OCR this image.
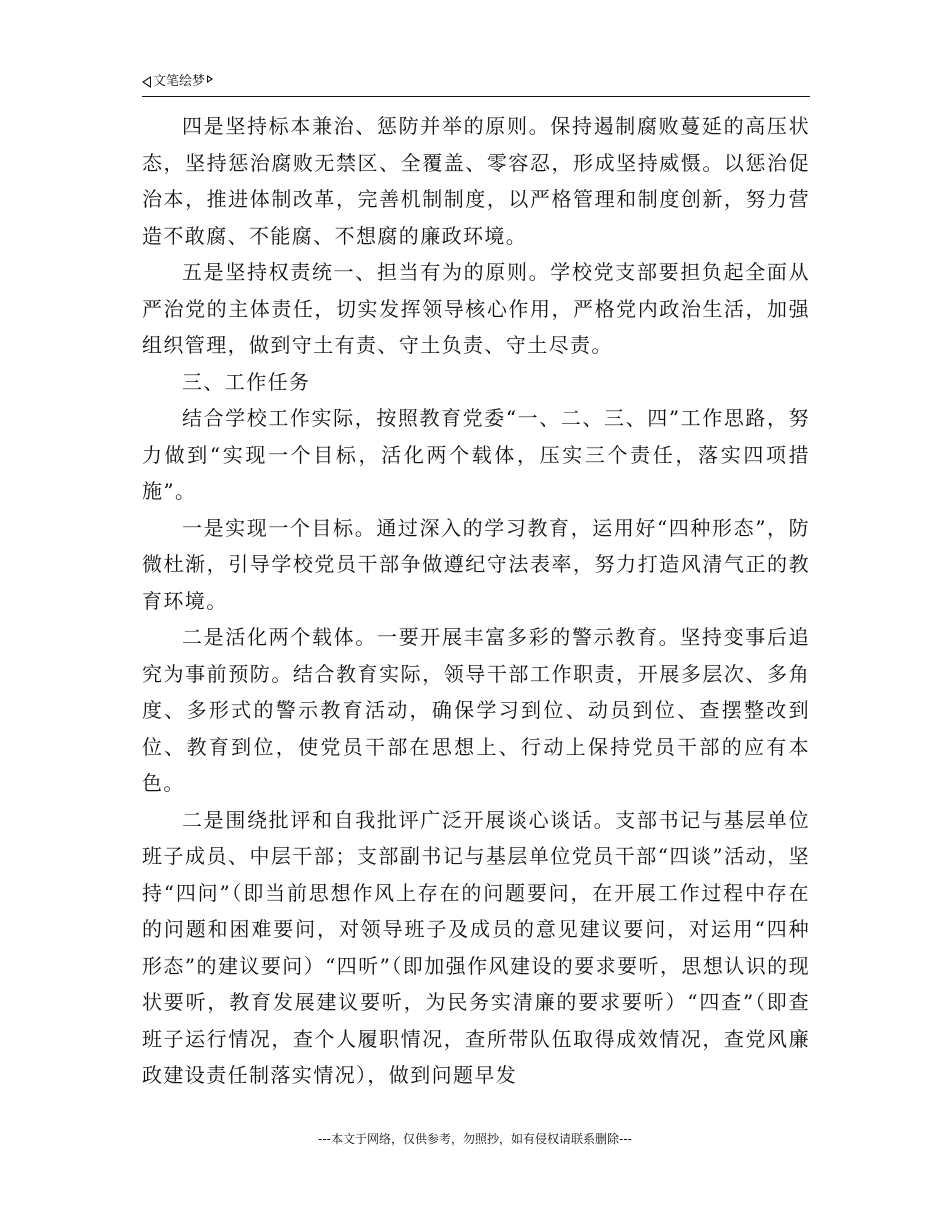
文笔绘梦

四是坚持标本兼治、惩防并举的原则。保持遏制腐败蔓延的高压状态，坚持惩治腐败无禁区、全覆盖、零容忍，形成坚持威慑。以惩治促治本，推进体制改革，完善机制制度，以严格管理和制度创新，努力营造不敢腐、不能腐、不想腐的廉政环境。

五是坚持权责统一、担当有为的原则。学校党支部要担负起全面从严治党的主体责任，切实发挥领导核心作用，严格党内政治生活，加强组织管理，做到守土有责、守土负责、守土尽责。

三、工作任务

结合学校工作实际，按照教育党委“一、二、三、四”工作思路，努力做到“实现一个目标，活化两个载体，压实三个责任，落实四项措施”。

一是实现一个目标。通过深入的学习教育，运用好“四种形态”，防微杜渐，引导学校党员干部争做遵纪守法表率，努力打造风清气正的教育环境。

二是活化两个载体。一要开展丰富多彩的警示教育。坚持变事后追究为事前预防。结合教育实际，领导干部工作职责，开展多层次、多角度、多形式的警示教育活动，确保学习到位、动员到位、查摆整改到位、教育到位，使党员干部在思想上、行动上保持党员干部的应有本色。

二是围绕批评和自我批评广泛开展谈心谈话。支部书记与基层单位班子成员、中层干部；支部副书记与基层单位党员干部“四谈”活动，坚持“四问”（即当前思想作风上存在的问题要问，在开展工作过程中存在的问题和困难要问，对领导班子及成员的意见建议要问，对运用“四种形态”的建议要问）“四听”（即加强作风建设的要求要听，思想认识的现状要听，教育发展建议要听，为民务实清廉的要求要听）“四查”（即查班子运行情况，查个人履职情况，查所带队伍取得成效情况，查党风廉政建设责任制落实情况），做到问题早发

---本文于网络，仅供参考，勿照抄，如有侵权请联系删除---
